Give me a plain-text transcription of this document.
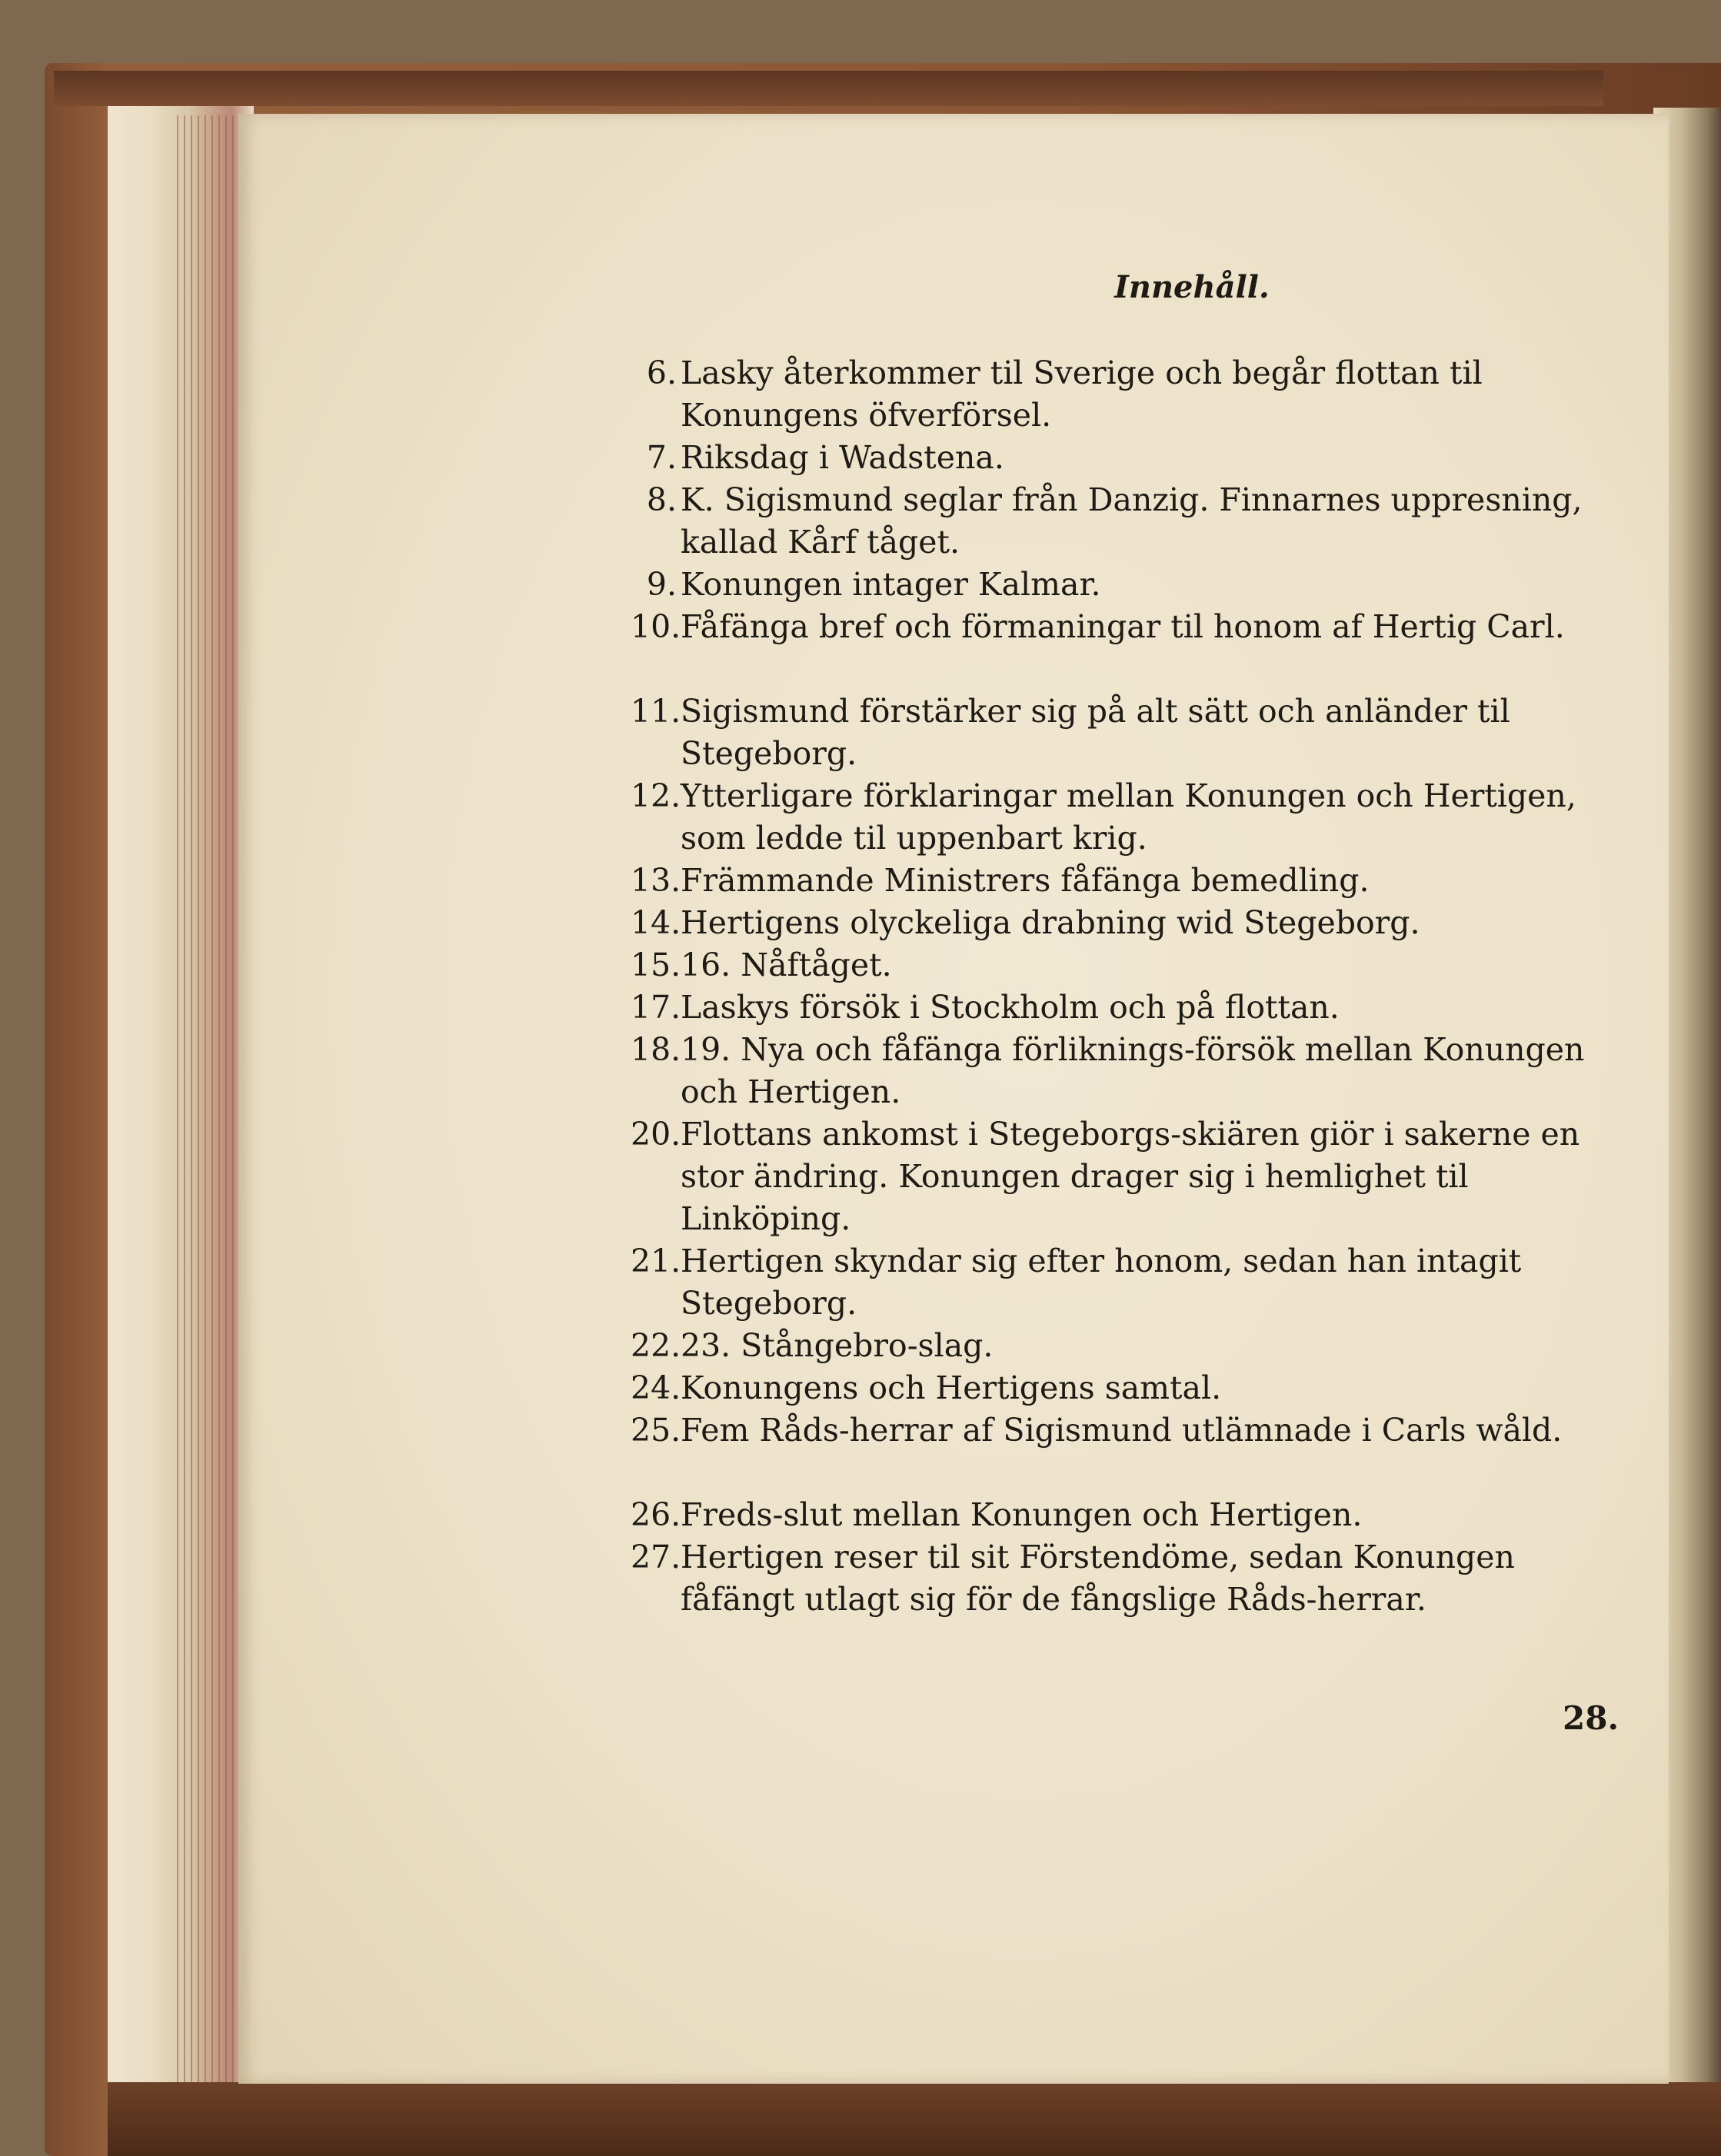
Innehåll.
6. Lasky återkommer til Sverige och begår flottan til Konungens öfverförsel.
7. Riksdag i Wadstena.
8. K. Sigismund seglar från Danzig. Finnarnes uppresning, kallad Kårf tåget.
9. Konungen intager Kalmar.
10. Fåfänga bref och förmaningar til honom af Hertig Carl.
11. Sigismund förstärker sig på alt sätt och anländer til Stegeborg.
12. Ytterligare förklaringar mellan Konungen och Hertigen, som ledde til uppenbart krig.
13. Främmande Ministrers fåfänga bemedling.
14. Hertigens olyckeliga drabning wid Stegeborg.
15. 16. Nåftåget.
17. Laskys försök i Stockholm och på flottan.
18. 19. Nya och fåfänga förliknings-försök mellan Konungen och Hertigen.
20. Flottans ankomst i Stegeborgs-skiären giör i sakerne en stor ändring. Konungen drager sig i hemlighet til Linköping.
21. Hertigen skyndar sig efter honom, sedan han intagit Stegeborg.
22. 23. Stångebro-slag.
24. Konungens och Hertigens samtal.
25. Fem Råds-herrar af Sigismund utlämnade i Carls wåld.
26. Freds-slut mellan Konungen och Hertigen.
27. Hertigen reser til sit Förstendöme, sedan Konungen fåfängt utlagt sig för de fångslige Råds-herrar.
28.
